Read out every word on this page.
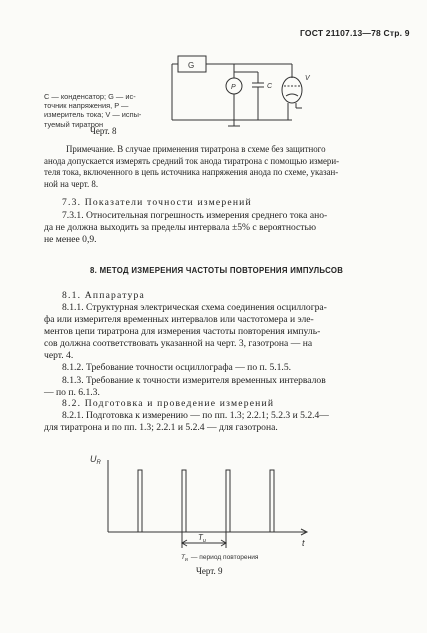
ГОСТ 21107.13—78 Стр. 9
G
P	C
V
C — конденсатор; G — ис-
точник напряжения, P —
измеритель тока; V — испы-
туемый тиратрон
Черт. 8
Примечание. В случае применения тиратрона в схеме без защитного
анода допускается измерять средний ток анода тиратрона с помощью измери-
теля тока, включенного в цепь источника напряжения анода по схеме, указан-
ной на черт. 8.
7.3. Показатели точности измерений
7.3.1. Относительная погрешность измерения среднего тока ано-
да не должна выходить за пределы интервала ±5% с вероятностью
не менее 0,9.
8. МЕТОД ИЗМЕРЕНИЯ ЧАСТОТЫ ПОВТОРЕНИЯ ИМПУЛЬСОВ
8.1. Аппаратура
8.1.1. Структурная электрическая схема соединения осциллогра-
фа или измерителя временных интервалов или частотомера и эле-
ментов цепи тиратрона для измерения частоты повторения импуль-
сов должна соответствовать указанной на черт. 3, газотрона — на
черт. 4.
8.1.2. Требование точности осциллографа — по п. 5.1.5.
8.1.3. Требование к точности измерителя временных интервалов
— по п. 6.1.3.
8.2. Подготовка и проведение измерений
8.2.1. Подготовка к измерению — по пп. 1.3; 2.2.1; 5.2.3 и 5.2.4—
для тиратрона и по пп. 1.3; 2.2.1 и 5.2.4 — для газотрона.
$U_R$
t
$T_и$
$T_и$ — период повторения
Черт. 9
